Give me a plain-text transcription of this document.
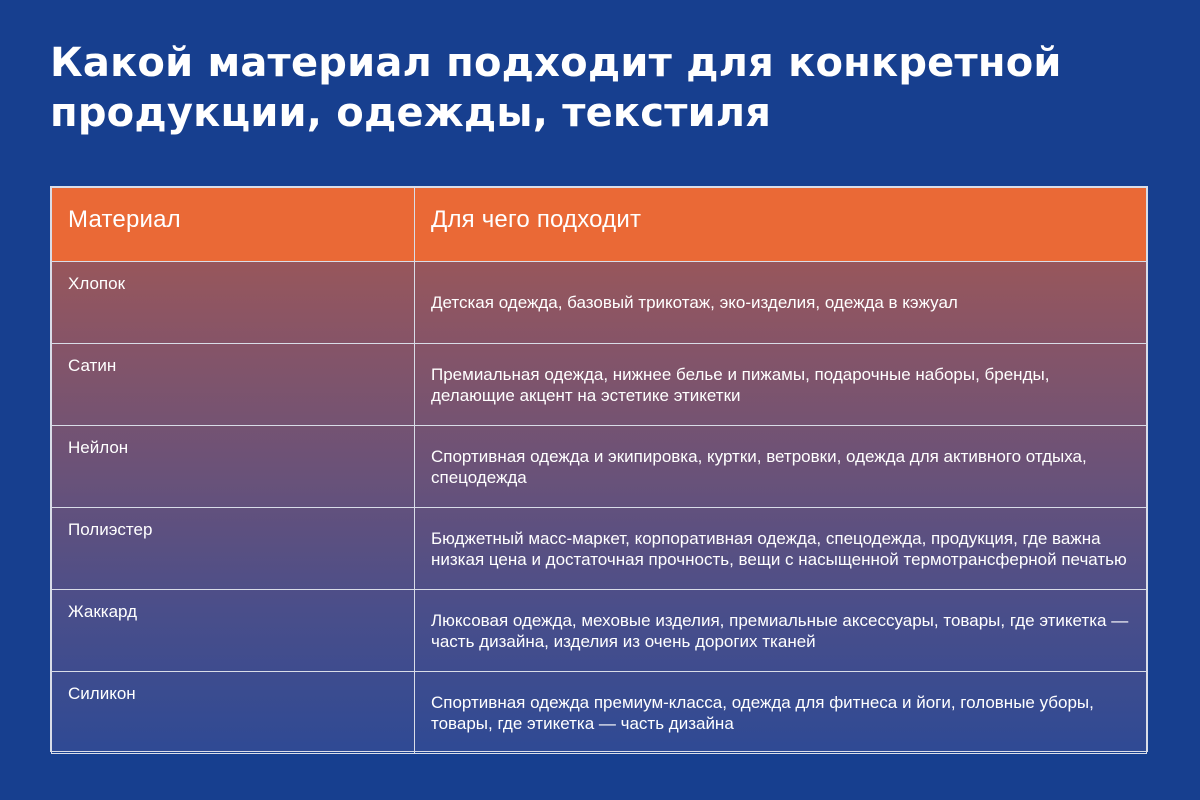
Какой материал подходит для конкретной продукции, одежды, текстиля
Материал	Для чего подходит
Хлопок	Детская одежда, базовый трикотаж, эко-изделия, одежда в кэжуал
Сатин	Премиальная одежда, нижнее белье и пижамы, подарочные наборы, бренды, делающие акцент на эстетике этикетки
Нейлон	Спортивная одежда и экипировка, куртки, ветровки, одежда для активного отдыха, спецодежда
Полиэстер	Бюджетный масс-маркет, корпоративная одежда, спецодежда, продукция, где важна низкая цена и достаточная прочность, вещи с насыщенной термотрансферной печатью
Жаккард	Люксовая одежда, меховые изделия, премиальные аксессуары, товары, где этикетка — часть дизайна, изделия из очень дорогих тканей
Силикон	Спортивная одежда премиум-класса, одежда для фитнеса и йоги, головные уборы, товары, где этикетка — часть дизайна
